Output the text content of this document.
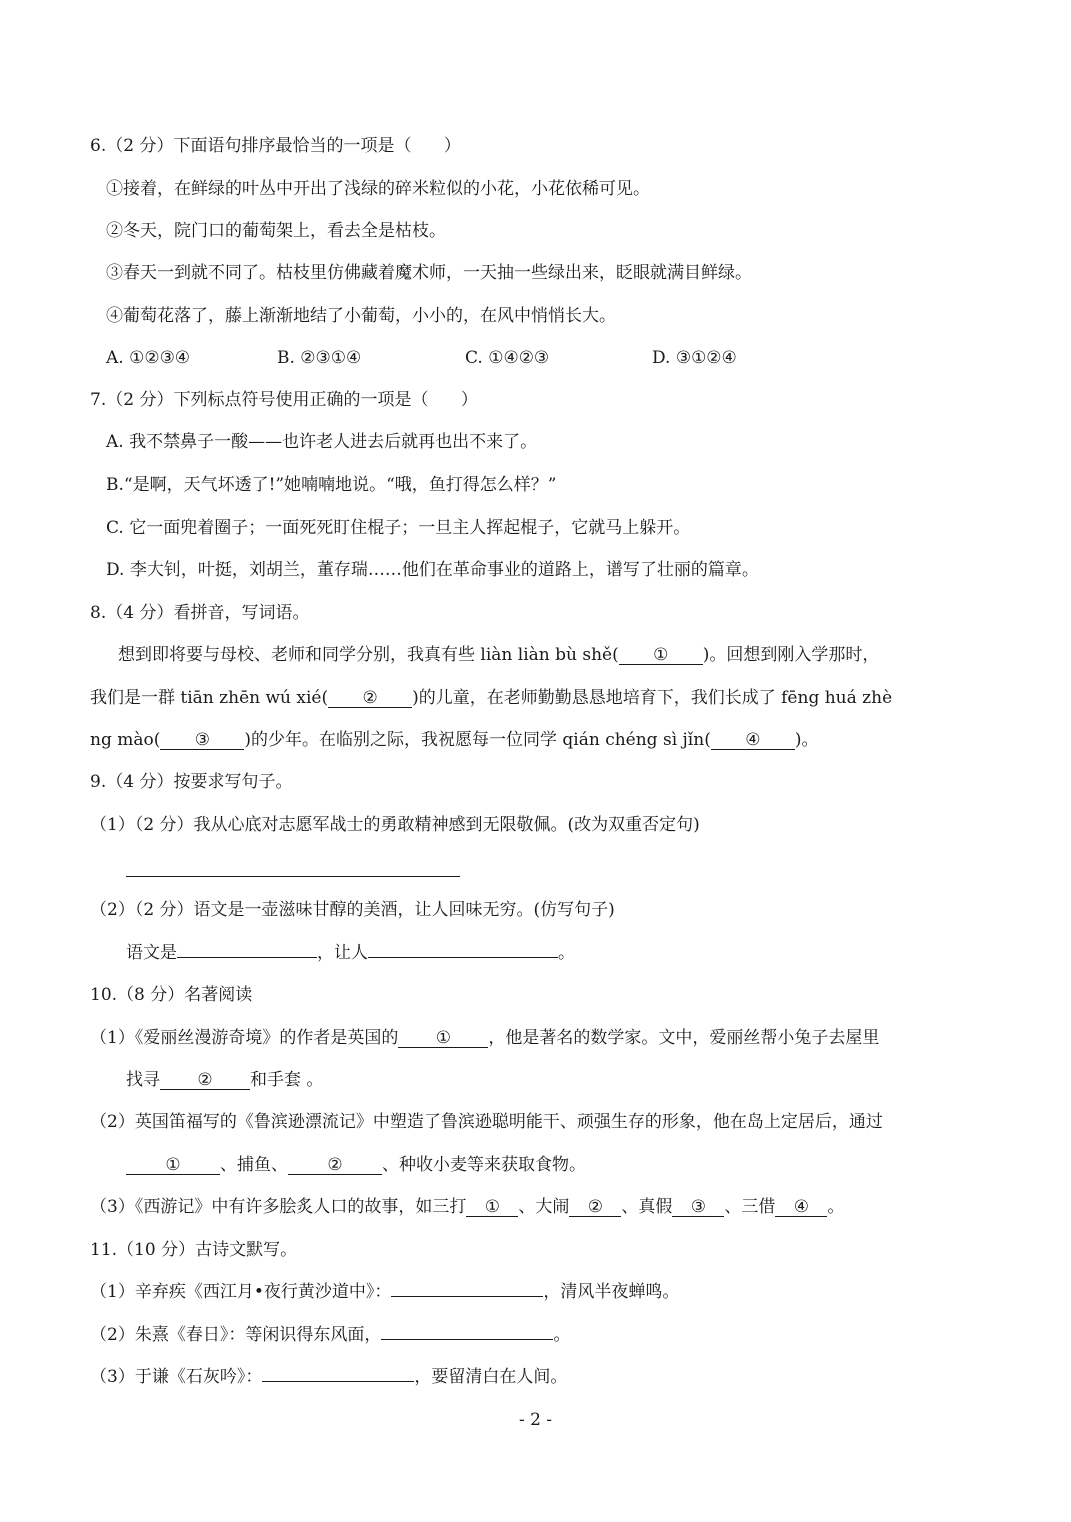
6.（2 分）下面语句排序最恰当的一项是（      ）
①接着，在鲜绿的叶丛中开出了浅绿的碎米粒似的小花，小花依稀可见。
②冬天，院门口的葡萄架上，看去全是枯枝。
③春天一到就不同了。枯枝里仿佛藏着魔术师，一天抽一些绿出来，眨眼就满目鲜绿。
④葡萄花落了，藤上渐渐地结了小葡萄，小小的，在风中悄悄长大。
A. ①②③④	B. ②③①④	C. ①④②③	D. ③①②④
7.（2 分）下列标点符号使用正确的一项是（      ）
A. 我不禁鼻子一酸——也许老人进去后就再也出不来了。
B.“是啊，天气坏透了!”她喃喃地说。“哦，鱼打得怎么样？”
C. 它一面兜着圈子；一面死死盯住棍子；一旦主人挥起棍子，它就马上躲开。
D. 李大钊，叶挺，刘胡兰，董存瑞……他们在革命事业的道路上，谱写了壮丽的篇章。
8.（4 分）看拼音，写词语。
想到即将要与母校、老师和同学分别，我真有些 liàn liàn bù shě( ① )。回想到刚入学那时，
我们是一群 tiān zhēn wú xié( ② )的儿童，在老师勤勤恳恳地培育下，我们长成了 fēng huá zhè
ng mào( ③ )的少年。在临别之际，我祝愿每一位同学 qián chéng sì jǐn( ④ )。
9.（4 分）按要求写句子。
（1）（2 分）我从心底对志愿军战士的勇敢精神感到无限敬佩。(改为双重否定句)
（2）（2 分）语文是一壶滋味甘醇的美酒，让人回味无穷。(仿写句子)
语文是	，让人	。
10.（8 分）名著阅读
（1）《爱丽丝漫游奇境》的作者是英国的 ① ，他是著名的数学家。文中，爱丽丝帮小兔子去屋里
找寻 ② 和手套 。
（2）英国笛福写的《鲁滨逊漂流记》中塑造了鲁滨逊聪明能干、顽强生存的形象，他在岛上定居后，通过
① 、捕鱼、 ② 、种收小麦等来获取食物。
（3）《西游记》中有许多脍炙人口的故事，如三打 ① 、大闹 ② 、真假 ③ 、三借 ④ 。
11.（10 分）古诗文默写。
（1）辛弃疾《西江月•夜行黄沙道中》：	，清风半夜蝉鸣。
（2）朱熹《春日》：等闲识得东风面，	。
（3）于谦《石灰吟》：	，要留清白在人间。
- 2 -
